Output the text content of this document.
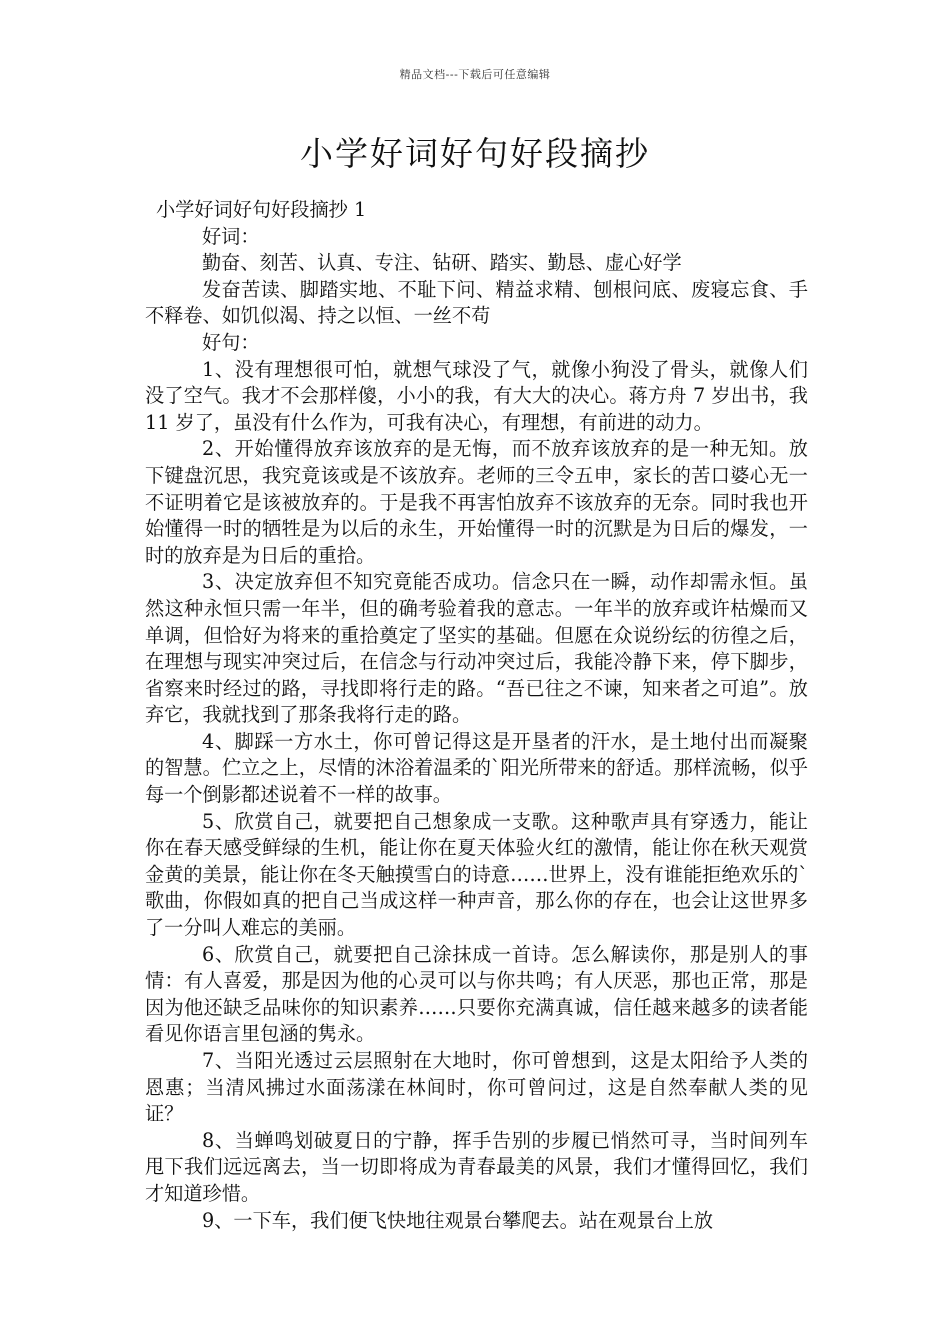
精品文档---下载后可任意编辑
小学好词好句好段摘抄

小学好词好句好段摘抄 1

好词：

勤奋、刻苦、认真、专注、钻研、踏实、勤恳、虚心好学

发奋苦读、脚踏实地、不耻下问、精益求精、刨根问底、废寝忘食、手不释卷、如饥似渴、持之以恒、一丝不苟

好句：

1、没有理想很可怕，就想气球没了气，就像小狗没了骨头，就像人们没了空气。我才不会那样傻，小小的我，有大大的决心。蒋方舟 7 岁出书，我 11 岁了，虽没有什么作为，可我有决心，有理想，有前进的动力。

2、开始懂得放弃该放弃的是无悔，而不放弃该放弃的是一种无知。放下键盘沉思，我究竟该或是不该放弃。老师的三令五申，家长的苦口婆心无一不证明着它是该被放弃的。于是我不再害怕放弃不该放弃的无奈。同时我也开始懂得一时的牺牲是为以后的永生，开始懂得一时的沉默是为日后的爆发，一时的放弃是为日后的重拾。

3、决定放弃但不知究竟能否成功。信念只在一瞬，动作却需永恒。虽然这种永恒只需一年半，但的确考验着我的意志。一年半的放弃或许枯燥而又单调，但恰好为将来的重拾奠定了坚实的基础。但愿在众说纷纭的彷徨之后，在理想与现实冲突过后，在信念与行动冲突过后，我能冷静下来，停下脚步，省察来时经过的路，寻找即将行走的路。“吾已往之不谏，知来者之可追”。放弃它，我就找到了那条我将行走的路。

4、脚踩一方水土，你可曾记得这是开垦者的汗水，是土地付出而凝聚的智慧。伫立之上，尽情的沐浴着温柔的`阳光所带来的舒适。那样流畅，似乎每一个倒影都述说着不一样的故事。

5、欣赏自己，就要把自己想象成一支歌。这种歌声具有穿透力，能让你在春天感受鲜绿的生机，能让你在夏天体验火红的激情，能让你在秋天观赏金黄的美景，能让你在冬天触摸雪白的诗意……世界上，没有谁能拒绝欢乐的`歌曲，你假如真的把自己当成这样一种声音，那么你的存在，也会让这世界多了一分叫人难忘的美丽。

6、欣赏自己，就要把自己涂抹成一首诗。怎么解读你，那是别人的事情：有人喜爱，那是因为他的心灵可以与你共鸣；有人厌恶，那也正常，那是因为他还缺乏品味你的知识素养……只要你充满真诚，信任越来越多的读者能看见你语言里包涵的隽永。

7、当阳光透过云层照射在大地时，你可曾想到，这是太阳给予人类的恩惠；当清风拂过水面荡漾在林间时，你可曾问过，这是自然奉献人类的见证？

8、当蝉鸣划破夏日的宁静，挥手告别的步履已悄然可寻，当时间列车甩下我们远远离去，当一切即将成为青春最美的风景，我们才懂得回忆，我们才知道珍惜。

9、一下车，我们便飞快地往观景台攀爬去。站在观景台上放
